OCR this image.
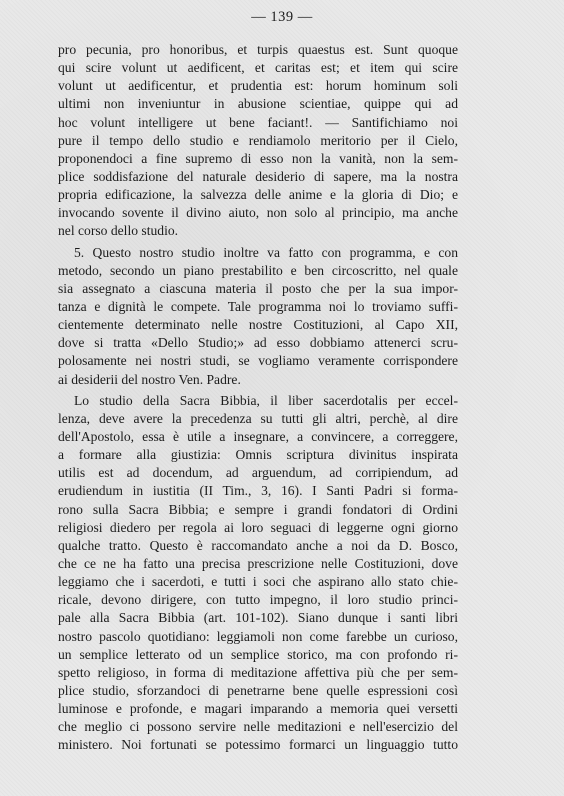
— 139 —
pro pecunia, pro honoribus, et turpis quaestus est. Sunt quoque
qui scire volunt ut aedificent, et caritas est; et item qui scire
volunt ut aedificentur, et prudentia est: horum hominum soli
ultimi non inveniuntur in abusione scientiae, quippe qui ad
hoc volunt intelligere ut bene faciant!. — Santifichiamo noi
pure il tempo dello studio e rendiamolo meritorio per il Cielo,
proponendoci a fine supremo di esso non la vanità, non la sem-
plice soddisfazione del naturale desiderio di sapere, ma la nostra
propria edificazione, la salvezza delle anime e la gloria di Dio; e
invocando sovente il divino aiuto, non solo al principio, ma anche
nel corso dello studio.
5. Questo nostro studio inoltre va fatto con programma, e con
metodo, secondo un piano prestabilito e ben circoscritto, nel quale
sia assegnato a ciascuna materia il posto che per la sua impor-
tanza e dignità le compete. Tale programma noi lo troviamo suffi-
cientemente determinato nelle nostre Costituzioni, al Capo XII,
dove si tratta «Dello Studio;» ad esso dobbiamo attenerci scru-
polosamente nei nostri studi, se vogliamo veramente corrispondere
ai desiderii del nostro Ven. Padre.
Lo studio della Sacra Bibbia, il liber sacerdotalis per eccel-
lenza, deve avere la precedenza su tutti gli altri, perchè, al dire
dell'Apostolo, essa è utile a insegnare, a convincere, a correggere,
a formare alla giustizia: Omnis scriptura divinitus inspirata
utilis est ad docendum, ad arguendum, ad corripiendum, ad
erudiendum in iustitia (II Tim., 3, 16). I Santi Padri si forma-
rono sulla Sacra Bibbia; e sempre i grandi fondatori di Ordini
religiosi diedero per regola ai loro seguaci di leggerne ogni giorno
qualche tratto. Questo è raccomandato anche a noi da D. Bosco,
che ce ne ha fatto una precisa prescrizione nelle Costituzioni, dove
leggiamo che i sacerdoti, e tutti i soci che aspirano allo stato chie-
ricale, devono dirigere, con tutto impegno, il loro studio princi-
pale alla Sacra Bibbia (art. 101-102). Siano dunque i santi libri
nostro pascolo quotidiano: leggiamoli non come farebbe un curioso,
un semplice letterato od un semplice storico, ma con profondo ri-
spetto religioso, in forma di meditazione affettiva più che per sem-
plice studio, sforzandoci di penetrarne bene quelle espressioni così
luminose e profonde, e magari imparando a memoria quei versetti
che meglio ci possono servire nelle meditazioni e nell'esercizio del
ministero. Noi fortunati se potessimo formarci un linguaggio tutto
